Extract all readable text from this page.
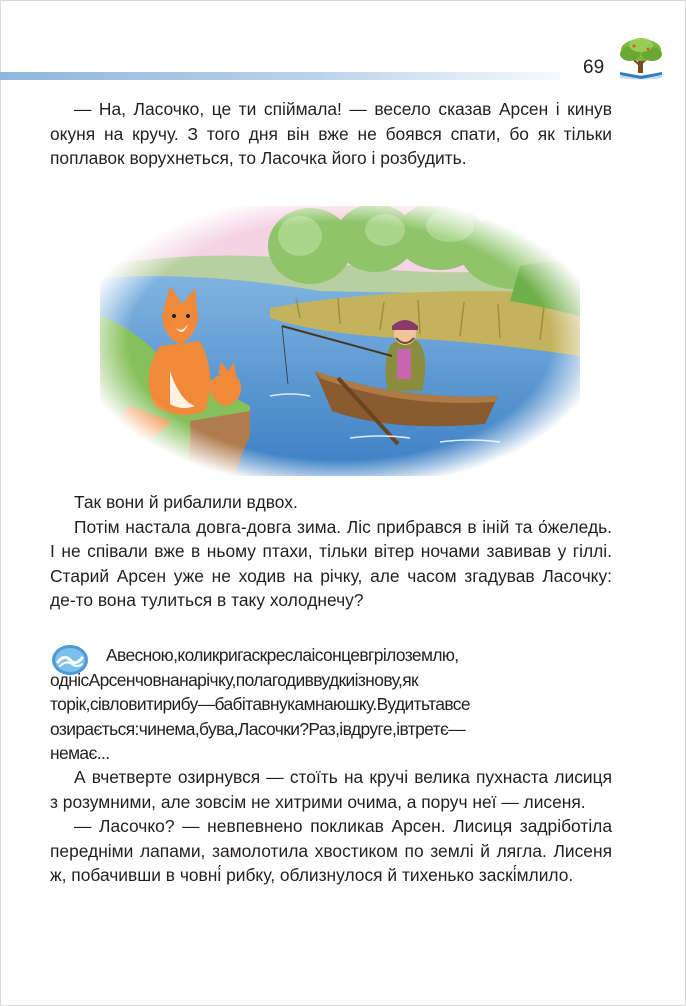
69

— На, Ласочко, це ти спіймала! — весело сказав Арсен і кинув окуня на кручу. З того дня він вже не боявся спати, бо як тільки поплавок ворухнеться, то Ласочка його і розбудить.

Так вони й рибалили вдвох.

Потім настала довга-довга зима. Ліс прибрався в іній та о́желедь. І не співали вже в ньому птахи, тільки вітер ночами завивав у гіллі. Старий Арсен уже не ходив на річку, але часом згадував Ласочку: де-то вона тулиться в таку холоднечу?

Авесною,коликригаскреслаісонцевгрілоземлю,
однісАрсенчовнанарічку,полагодиввудкиізнову,як
торік,сівловитирибу—бабітавнукамнаюшку.Вудитьтавсе
озирається:чинема,бува,Ласочки?Раз,івдруге,івтретє—
немає...

А вчетверте озирнувся — стоїть на кручі велика пухнаста лисиця з розумними, але зовсім не хитрими очима, а поруч неї — лисеня.

— Ласочко? — невпевнено покликав Арсен. Лисиця задріботіла передніми лапами, замолотила хвостиком по землі й лягла. Лисеня ж, побачивши в човні́ рибку, облизнулося й тихенько заскі́млило.
